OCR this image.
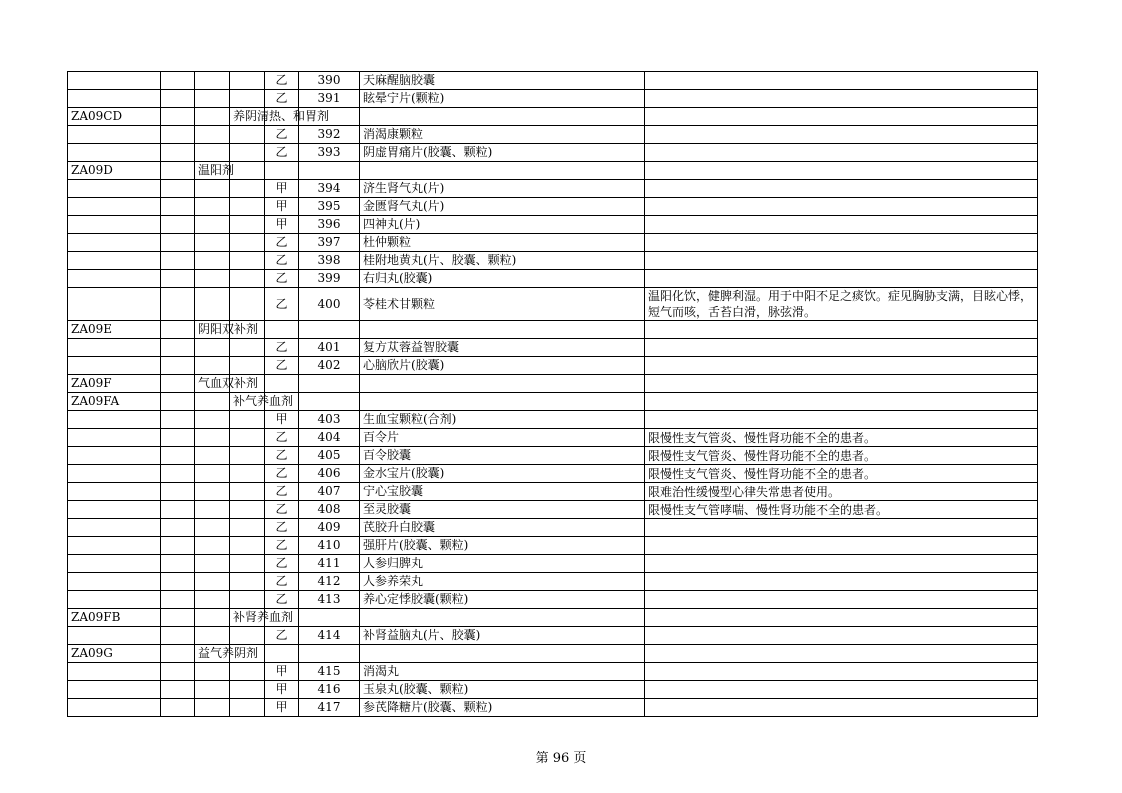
				乙	390	天麻醒脑胶囊	
				乙	391	眩晕宁片(颗粒)	
ZA09CD			养阴清热、和胃剂				
				乙	392	消渴康颗粒	
				乙	393	阴虚胃痛片(胶囊、颗粒)	
ZA09D		温阳剂					
				甲	394	济生肾气丸(片)	
				甲	395	金匮肾气丸(片)	
				甲	396	四神丸(片)	
				乙	397	杜仲颗粒	
				乙	398	桂附地黄丸(片、胶囊、颗粒)	
				乙	399	右归丸(胶囊)	
				乙	400	苓桂术甘颗粒	温阳化饮，健脾利湿。用于中阳不足之痰饮。症见胸胁支满，目眩心悸，短气而咳，舌苔白滑，脉弦滑。
ZA09E		阴阳双补剂					
				乙	401	复方苁蓉益智胶囊	
				乙	402	心脑欣片(胶囊)	
ZA09F		气血双补剂					
ZA09FA			补气养血剂				
				甲	403	生血宝颗粒(合剂)	
				乙	404	百令片	限慢性支气管炎、慢性肾功能不全的患者。
				乙	405	百令胶囊	限慢性支气管炎、慢性肾功能不全的患者。
				乙	406	金水宝片(胶囊)	限慢性支气管炎、慢性肾功能不全的患者。
				乙	407	宁心宝胶囊	限难治性缓慢型心律失常患者使用。
				乙	408	至灵胶囊	限慢性支气管哮喘、慢性肾功能不全的患者。
				乙	409	芪胶升白胶囊	
				乙	410	强肝片(胶囊、颗粒)	
				乙	411	人参归脾丸	
				乙	412	人参养荣丸	
				乙	413	养心定悸胶囊(颗粒)	
ZA09FB			补肾养血剂				
				乙	414	补肾益脑丸(片、胶囊)	
ZA09G		益气养阴剂					
				甲	415	消渴丸	
				甲	416	玉泉丸(胶囊、颗粒)	
				甲	417	参芪降糖片(胶囊、颗粒)	
第 96 页
